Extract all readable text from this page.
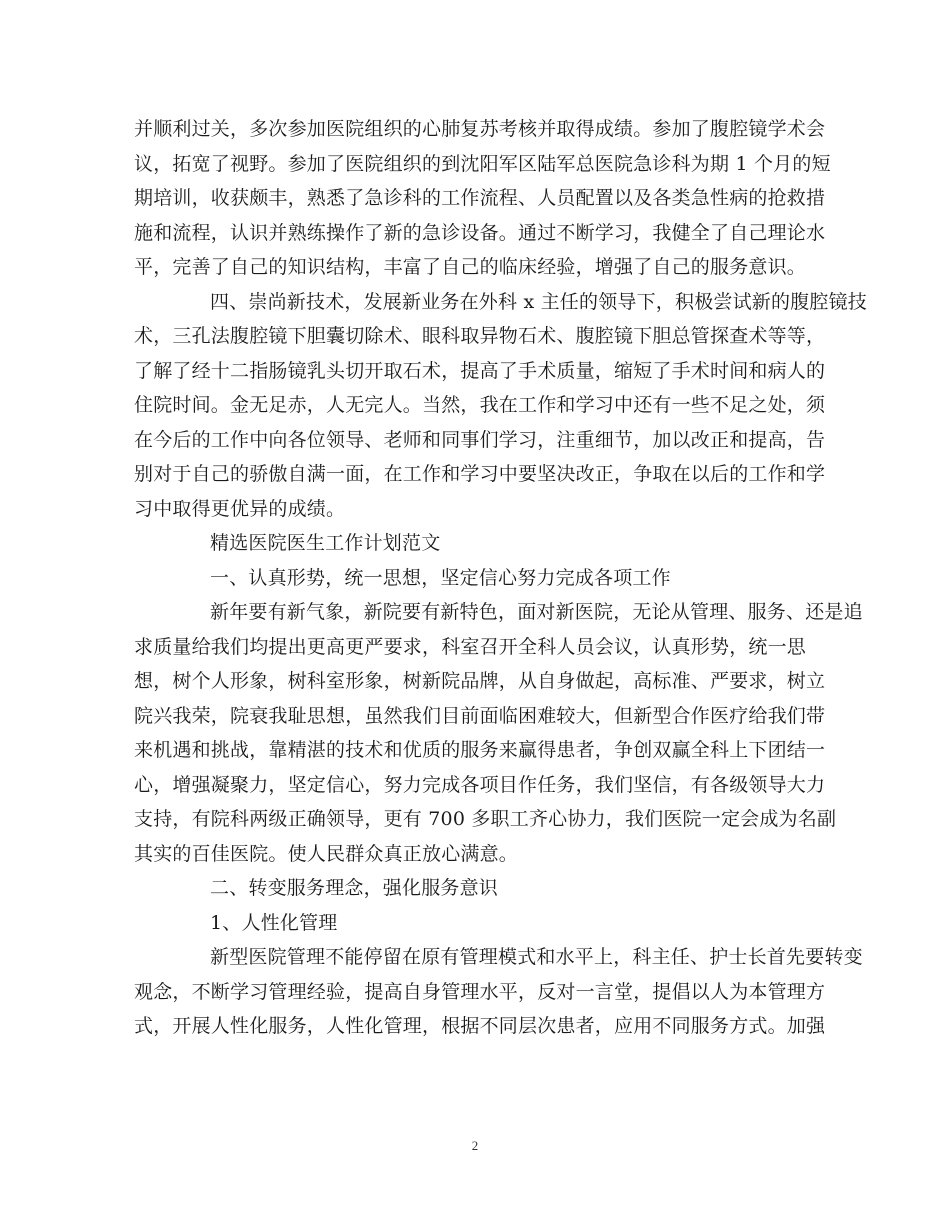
并顺利过关，多次参加医院组织的心肺复苏考核并取得成绩。参加了腹腔镜学术会
议，拓宽了视野。参加了医院组织的到沈阳军区陆军总医院急诊科为期 1 个月的短
期培训，收获颇丰，熟悉了急诊科的工作流程、人员配置以及各类急性病的抢救措
施和流程，认识并熟练操作了新的急诊设备。通过不断学习，我健全了自己理论水
平，完善了自己的知识结构，丰富了自己的临床经验，增强了自己的服务意识。
四、崇尚新技术，发展新业务在外科 x 主任的领导下，积极尝试新的腹腔镜技
术，三孔法腹腔镜下胆囊切除术、眼科取异物石术、腹腔镜下胆总管探查术等等，
了解了经十二指肠镜乳头切开取石术，提高了手术质量，缩短了手术时间和病人的
住院时间。金无足赤，人无完人。当然，我在工作和学习中还有一些不足之处，须
在今后的工作中向各位领导、老师和同事们学习，注重细节，加以改正和提高，告
别对于自己的骄傲自满一面，在工作和学习中要坚决改正，争取在以后的工作和学
习中取得更优异的成绩。
精选医院医生工作计划范文
一、认真形势，统一思想，坚定信心努力完成各项工作
新年要有新气象，新院要有新特色，面对新医院，无论从管理、服务、还是追
求质量给我们均提出更高更严要求，科室召开全科人员会议，认真形势，统一思
想，树个人形象，树科室形象，树新院品牌，从自身做起，高标准、严要求，树立
院兴我荣，院衰我耻思想，虽然我们目前面临困难较大，但新型合作医疗给我们带
来机遇和挑战，靠精湛的技术和优质的服务来赢得患者，争创双赢全科上下团结一
心，增强凝聚力，坚定信心，努力完成各项目作任务，我们坚信，有各级领导大力
支持，有院科两级正确领导，更有 700 多职工齐心协力，我们医院一定会成为名副
其实的百佳医院。使人民群众真正放心满意。
二、转变服务理念，强化服务意识
1、人性化管理
新型医院管理不能停留在原有管理模式和水平上，科主任、护士长首先要转变
观念，不断学习管理经验，提高自身管理水平，反对一言堂，提倡以人为本管理方
式，开展人性化服务，人性化管理，根据不同层次患者，应用不同服务方式。加强
2
